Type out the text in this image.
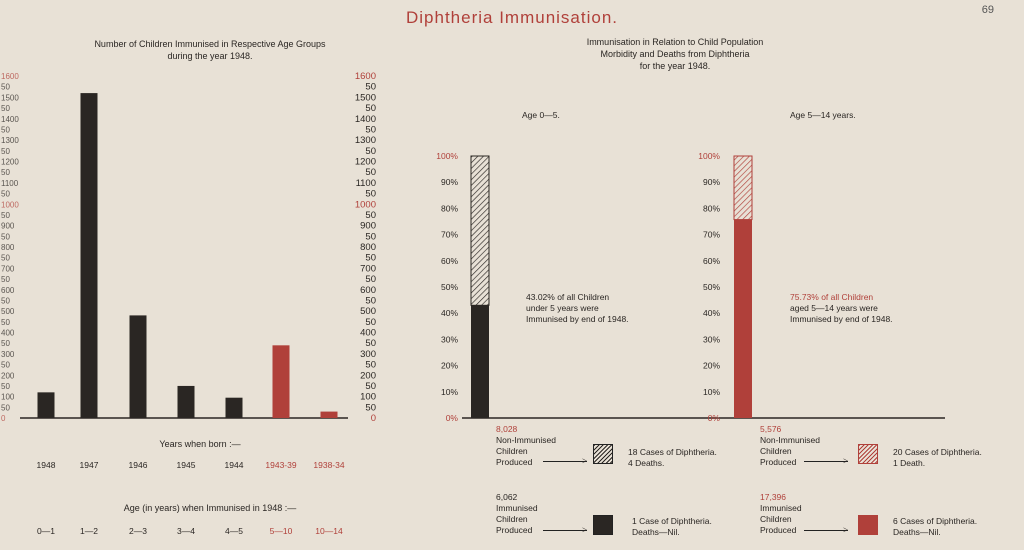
Diphtheria Immunisation.	69
Number of Children Immunised in Respective Age Groups
during the year 1948.
0	0
50	50
100	100
50	50
200	200
50	50
300	300
50	50
400	400
50	50
500	500
50	50
600	600
50	50
700	700
50	50
800	800
50	50
900	900
50	50
1000	1000
50	50
1100	1100
50	50
1200	1200
50	50
1300	1300
50	50
1400	1400
50	50
1500	1500
50	50
1600	1600
1948
0—1
1947
1—2
1946
2—3
1945
3—4
1944
4—5
1943-39
5—10
1938-34
10—14
Years when born :—
Age (in years) when Immunised in 1948 :—
Immunisation in Relation to Child Population
Morbidity and Deaths from Diphtheria
for the year 1948.
Age 0—5.	Age 5—14 years.
0%
10%
20%
30%
40%
50%
60%
70%
80%
90%
100%
0%
10%
20%
30%
40%
50%
60%
70%
80%
90%
100%
43.02% of all Children
under 5 years were
Immunised by end of 1948.
75.73% of all Children
aged 5—14 years were
Immunised by end of 1948.
8,028
Non-Immunised
Children
Produced	>
18 Cases of Diphtheria.
4 Deaths.
6,062
Immunised
Children
Produced	>
1 Case of Diphtheria.
Deaths—Nil.
5,576
Non-Immunised
Children
Produced	>
20 Cases of Diphtheria.
1 Death.
17,396
Immunised
Children
Produced	>
6 Cases of Diphtheria.
Deaths—Nil.
